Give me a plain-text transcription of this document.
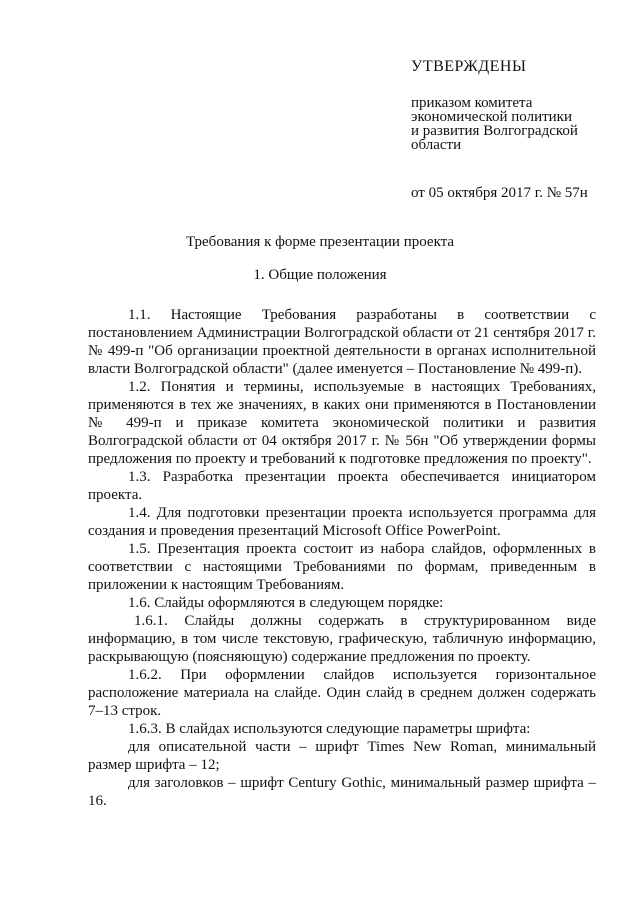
УТВЕРЖДЕНЫ
приказом комитета
экономической политики
и развития Волгоградской
области
от 05 октября 2017 г. № 57н
Требования к форме презентации проекта
1. Общие положения

1.1. Настоящие Требования разработаны в соответствии с постановлением Администрации Волгоградской области от 21 сентября 2017 г. № 499-п "Об организации проектной деятельности в органах исполнительной власти Волгоградской области" (далее именуется – Постановление № 499-п).

1.2. Понятия и термины, используемые в настоящих Требованиях, применяются в тех же значениях, в каких они применяются в Постановлении № 499-п и приказе комитета экономической политики и развития Волгоградской области от 04 октября 2017 г. № 56н "Об утверждении формы предложения по проекту и требований к подготовке предложения по проекту".

1.3. Разработка презентации проекта обеспечивается инициатором проекта.

1.4. Для подготовки презентации проекта используется программа для создания и проведения презентаций Microsoft Office PowerPoint.

1.5. Презентация проекта состоит из набора слайдов, оформленных в соответствии с настоящими Требованиями по формам, приведенным в приложении к настоящим Требованиям.

1.6. Слайды оформляются в следующем порядке:

1.6.1. Слайды должны содержать в структурированном виде информацию, в том числе текстовую, графическую, табличную информацию, раскрывающую (поясняющую) содержание предложения по проекту.

1.6.2. При оформлении слайдов используется горизонтальное расположение материала на слайде. Один слайд в среднем должен содержать 7–13 строк.

1.6.3. В слайдах используются следующие параметры шрифта:

для описательной части – шрифт Times New Roman, минимальный размер шрифта – 12;

для заголовков – шрифт Century Gothic, минимальный размер шрифта – 16.
